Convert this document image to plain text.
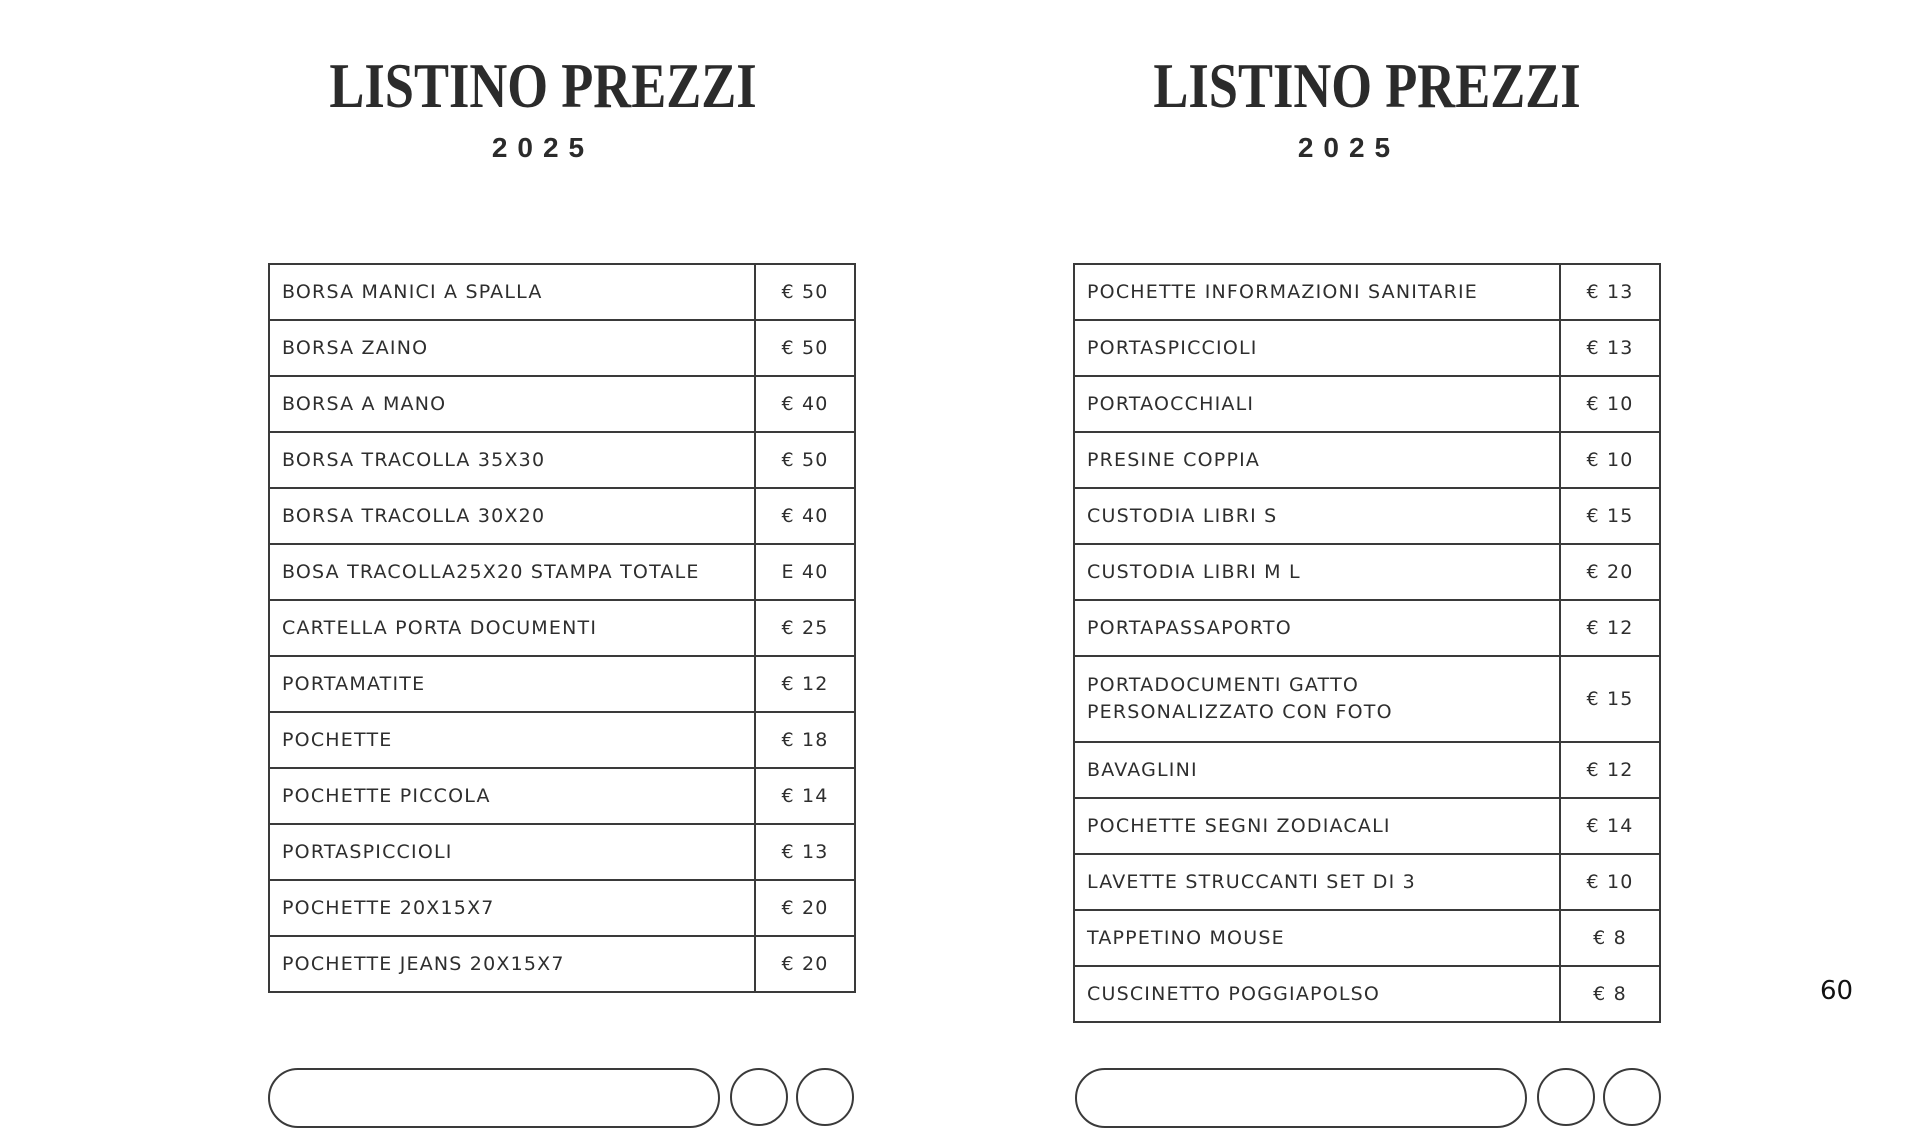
LISTINO PREZZI
2025
BORSA MANICI A SPALLA	€ 50
BORSA ZAINO	€ 50
BORSA A MANO	€ 40
BORSA TRACOLLA 35X30	€ 50
BORSA TRACOLLA 30X20	€ 40
BOSA TRACOLLA25X20 STAMPA TOTALE	E 40
CARTELLA PORTA DOCUMENTI	€ 25
PORTAMATITE	€ 12
POCHETTE	€ 18
POCHETTE PICCOLA	€ 14
PORTASPICCIOLI	€ 13
POCHETTE 20X15X7	€ 20
POCHETTE JEANS 20X15X7	€ 20
LISTINO PREZZI
2025
POCHETTE INFORMAZIONI SANITARIE	€ 13
PORTASPICCIOLI	€ 13
PORTAOCCHIALI	€ 10
PRESINE COPPIA	€ 10
CUSTODIA LIBRI S	€ 15
CUSTODIA LIBRI M L	€ 20
PORTAPASSAPORTO	€ 12
PORTADOCUMENTI GATTO PERSONALIZZATO CON FOTO	€ 15
BAVAGLINI	€ 12
POCHETTE SEGNI ZODIACALI	€ 14
LAVETTE STRUCCANTI SET DI 3	€ 10
TAPPETINO MOUSE	€ 8
CUSCINETTO POGGIAPOLSO	€ 8	60
